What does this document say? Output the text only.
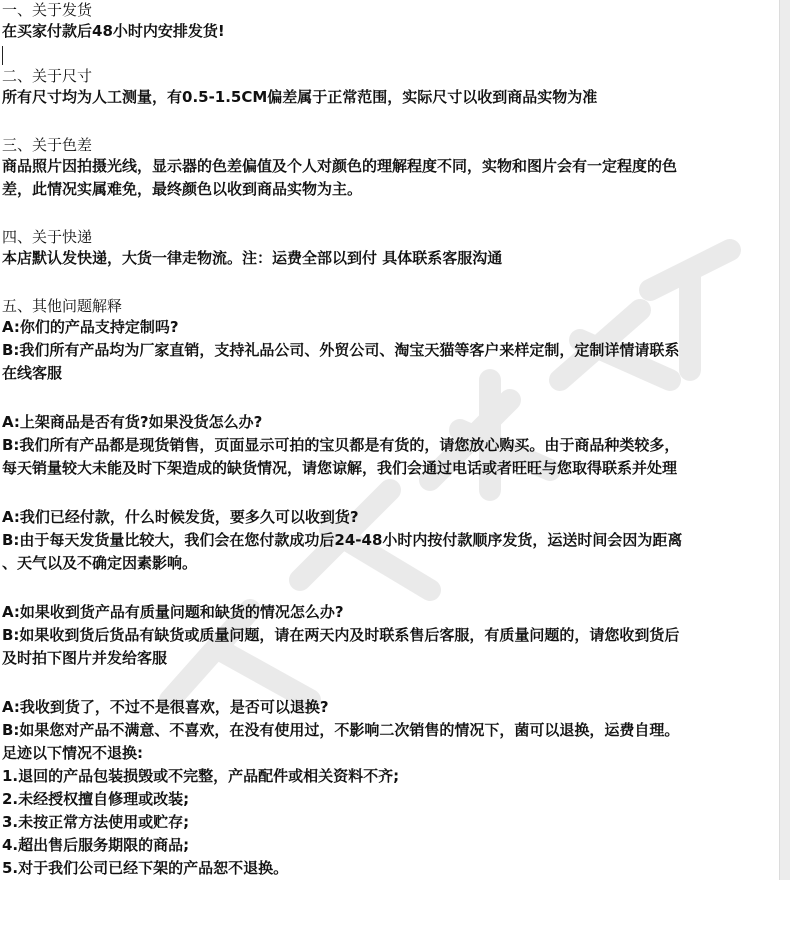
一、关于发货
在买家付款后48小时内安排发货!
二、关于尺寸
所有尺寸均为人工测量，有0.5-1.5CM偏差属于正常范围，实际尺寸以收到商品实物为准
三、关于色差
商品照片因拍摄光线，显示器的色差偏值及个人对颜色的理解程度不同，实物和图片会有一定程度的色
差，此情况实属难免，最终颜色以收到商品实物为主。
四、关于快递
本店默认发快递，大货一律走物流。注：运费全部以到付 具体联系客服沟通
五、其他问题解释
A:你们的产品支持定制吗?
B:我们所有产品均为厂家直销，支持礼品公司、外贸公司、淘宝天猫等客户来样定制，定制详情请联系
在线客服
A:上架商品是否有货?如果没货怎么办?
B:我们所有产品都是现货销售，页面显示可拍的宝贝都是有货的，请您放心购买。由于商品种类较多，
每天销量较大未能及时下架造成的缺货情况，请您谅解，我们会通过电话或者旺旺与您取得联系并处理
A:我们已经付款，什么时候发货，要多久可以收到货?
B:由于每天发货量比较大，我们会在您付款成功后24-48小时内按付款顺序发货，运送时间会因为距离
、天气以及不确定因素影响。
A:如果收到货产品有质量问题和缺货的情况怎么办?
B:如果收到货后货品有缺货或质量问题，请在两天内及时联系售后客服，有质量问题的，请您收到货后
及时拍下图片并发给客服
A:我收到货了，不过不是很喜欢，是否可以退换?
B:如果您对产品不满意、不喜欢，在没有使用过，不影响二次销售的情况下，菌可以退换，运费自理。
足迹以下情况不退换:
1.退回的产品包装损毁或不完整，产品配件或相关资料不齐;
2.未经授权擅自修理或改装;
3.未按正常方法使用或贮存;
4.超出售后服务期限的商品;
5.对于我们公司已经下架的产品恕不退换。
